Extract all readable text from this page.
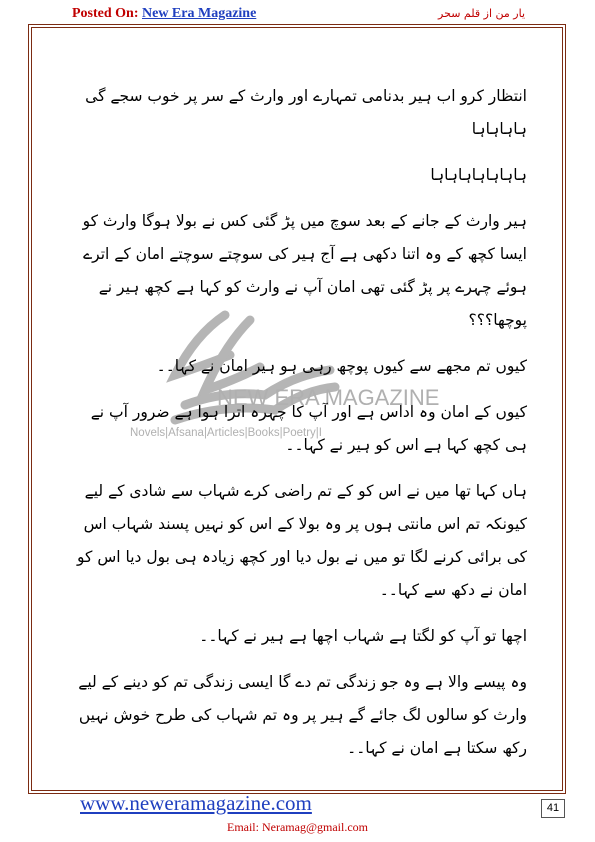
Posted On: New Era Magazine	یار من از قلم سحر
NEW ERA MAGAZINE
Novels|Afsana|Articles|Books|Poetry|I

انتظار کرو اب ہیر بدنامی تمہارے اور وارث کے سر پر خوب سجے گی ہاہاہاہا

ہاہاہاہاہاہاہا

ہیر وارث کے جانے کے بعد سوچ میں پڑ گئی کس نے بولا ہوگا وارث کو ایسا کچھ کے وہ اتنا دکھی ہے آج ہیر کی سوچتے سوچتے امان کے اترے ہوئے چہرے پر پڑ گئی تھی امان آپ نے وارث کو کہا ہے کچھ ہیر نے پوچھا؟؟؟

کیوں تم مجھے سے کیوں پوچھ رہی ہو ہیر امان نے کہا۔۔

کیوں کے امان وہ اداس ہے اور آپ کا چہرہ اترا ہوا ہے ضرور آپ نے ہی کچھ کہا ہے اس کو ہیر نے کہا۔۔

ہاں کہا تھا میں نے اس کو کے تم راضی کرے شہاب سے شادی کے لیے کیونکہ تم اس مانتی ہوں پر وہ بولا کے اس کو نہیں پسند شہاب اس کی برائی کرنے لگا تو میں نے بول دیا اور کچھ زیادہ ہی بول دیا اس کو امان نے دکھ سے کہا۔۔

اچھا تو آپ کو لگتا ہے شہاب اچھا ہے ہیر نے کہا۔۔

وہ پیسے والا ہے وہ جو زندگی تم دے گا ایسی زندگی تم کو دینے کے لیے وارث کو سالوں لگ جائے گے ہیر پر وہ تم شہاب کی طرح خوش نہیں رکھ سکتا ہے امان نے کہا۔۔

www.neweramagazine.com	41
Email: Neramag@gmail.com
